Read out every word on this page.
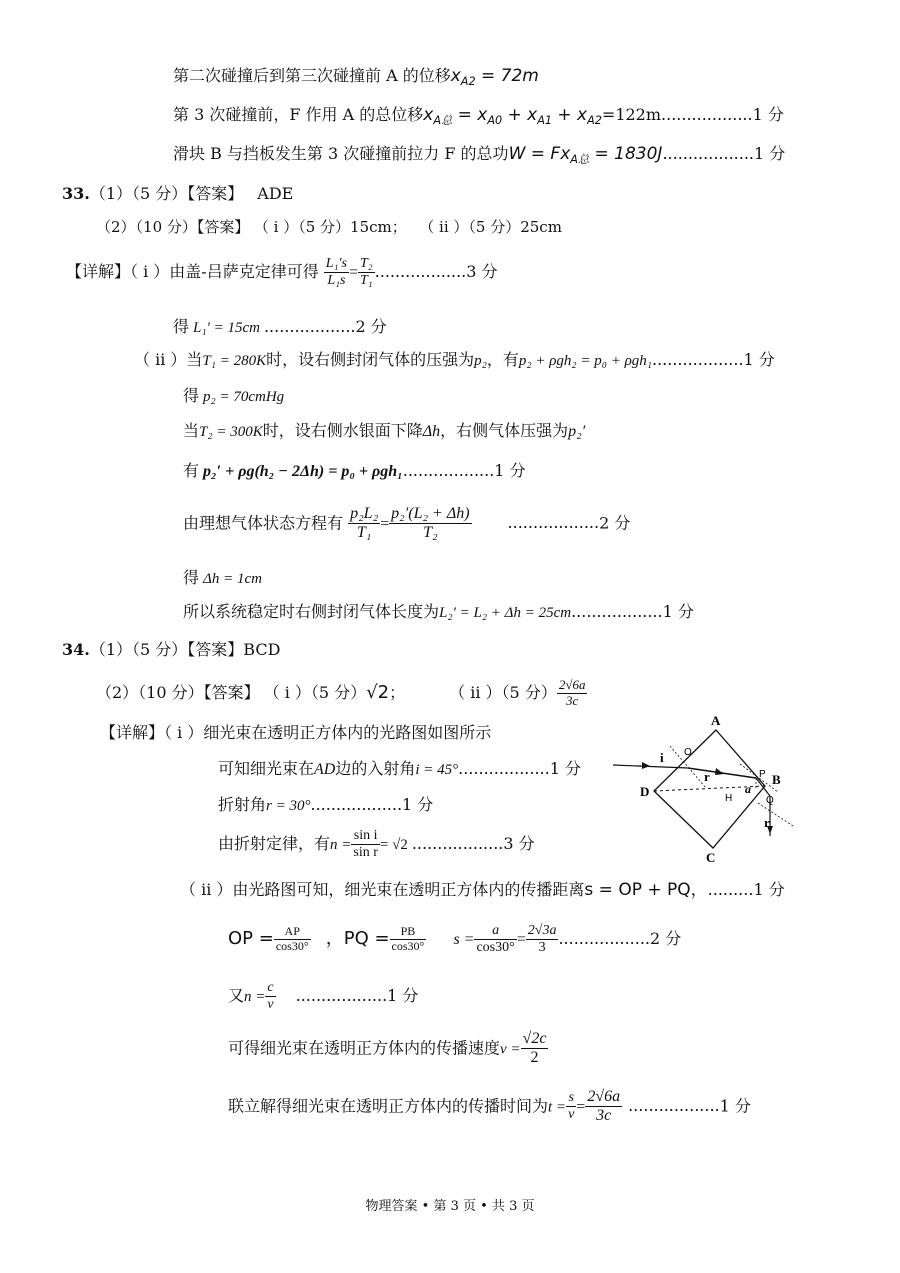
第二次碰撞后到第三次碰撞前 A 的位移$x_{A2} = 72m$
第 3 次碰撞前，F 作用 A 的总位移$x_{A总} = x_{A0} + x_{A1} + x_{A2}=122m..................1$ 分
滑块 B 与挡板发生第 3 次碰撞前拉力 F 的总功$W = Fx_{A总} = 1830J..................1$ 分
33.（1）（5 分）【答案】 ADE
（2）（10 分）【答案】 （ i ）（5 分）15cm； （ ii ）（5 分）25cm
【详解】（ i ）由盖-吕萨克定律可得 $\frac{\text{L₁′s}}{\text{L₁s}} = \frac{\text{T₂}}{\text{T₁}} ..................3$ 分
得 L₁′ = 15cm ..................2 分
（ ii ）当T₁ = 280K时，设右侧封闭气体的压强为p₂，有p₂ + ρgh₂ = p₀ + ρgh₁..................1 分
得 p₂ = 70cmHg
当T₂ = 300K时，设右侧水银面下降Δh，右侧气体压强为p₂′
有 p₂′ + ρg(h₂ − 2Δh) = p₀ + ρgh₁..................1 分
由理想气体状态方程有 $\frac{\text{p₂L₂}}{\text{T₁}} = \frac{\text{p₂′(L₂ + Δh)}}{\text{T₂}} ..................2$ 分
得 Δh = 1cm
所以系统稳定时右侧封闭气体长度为L₂′ = L₂ + Δh = 25cm..................1 分
34.（1）（5 分）【答案】BCD
（2）（10 分）【答案】 （ i ）（5 分）√2；	（ ii ）（5 分） $\frac{2√6a}{3c}$
【详解】（ i ）细光束在透明正方体内的光路图如图所示
可知细光束在AD边的入射角i = 45°..................1 分
折射角r = 30°..................1 分
由折射定律，有$n = \frac{\text{sin i}}{\text{sin r}} = √2$ ..................3 分
A
B
C
D	H
O
P
Q
i
r
r
a
（ ii ）由光路图可知，细光束在透明正方体内的传播距离s = OP + PQ，.........1 分
OP = $\frac{AP}{\cos 30^\circ}$ ，PQ = $\frac{PB}{\cos 30^\circ}$ $s = \frac{a}{\cos 30^\circ} = \frac{2√3a}{3} ..................2$ 分
又$n = \frac{c}{v} ..................1$ 分
可得细光束在透明正方体内的传播速度$v = \frac{√2c}{2}$
联立解得细光束在透明正方体内的传播时间为$t = \frac{s}{v} = \frac{2√6a}{3c} ..................1$ 分
物理答案 • 第 3 页 • 共 3 页
